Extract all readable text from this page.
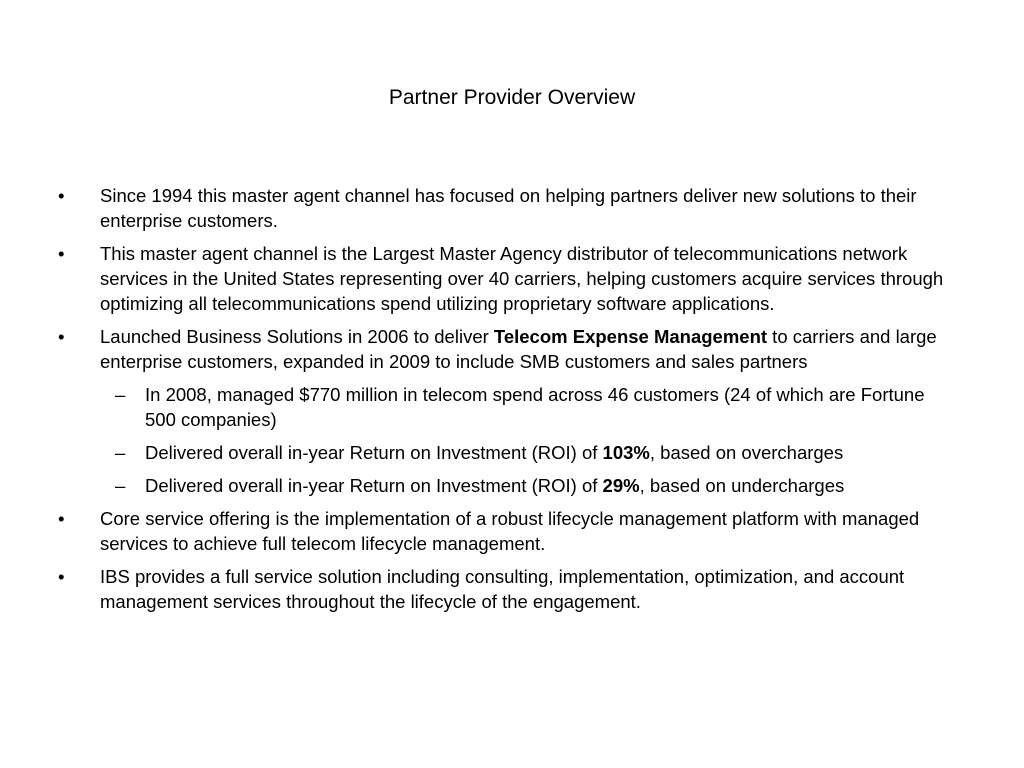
Partner Provider Overview
•	Since 1994 this master agent channel has focused on helping partners deliver new solutions to their enterprise customers.
•	This master agent channel is the Largest Master Agency distributor of telecommunications network services in the United States representing over 40 carriers, helping customers acquire services through optimizing all telecommunications spend utilizing proprietary software applications.
•	Launched Business Solutions in 2006 to deliver Telecom Expense Management to carriers and large enterprise customers, expanded in 2009 to include SMB customers and sales partners
–	In 2008, managed $770 million in telecom spend across 46 customers (24 of which are Fortune 500 companies)
–	Delivered overall in-year Return on Investment (ROI) of 103%, based on overcharges
–	Delivered overall in-year Return on Investment (ROI) of 29%, based on undercharges
•	Core service offering is the implementation of a robust lifecycle management platform with managed services to achieve full telecom lifecycle management.
•	IBS provides a full service solution including consulting, implementation, optimization, and account management services throughout the lifecycle of the engagement.
